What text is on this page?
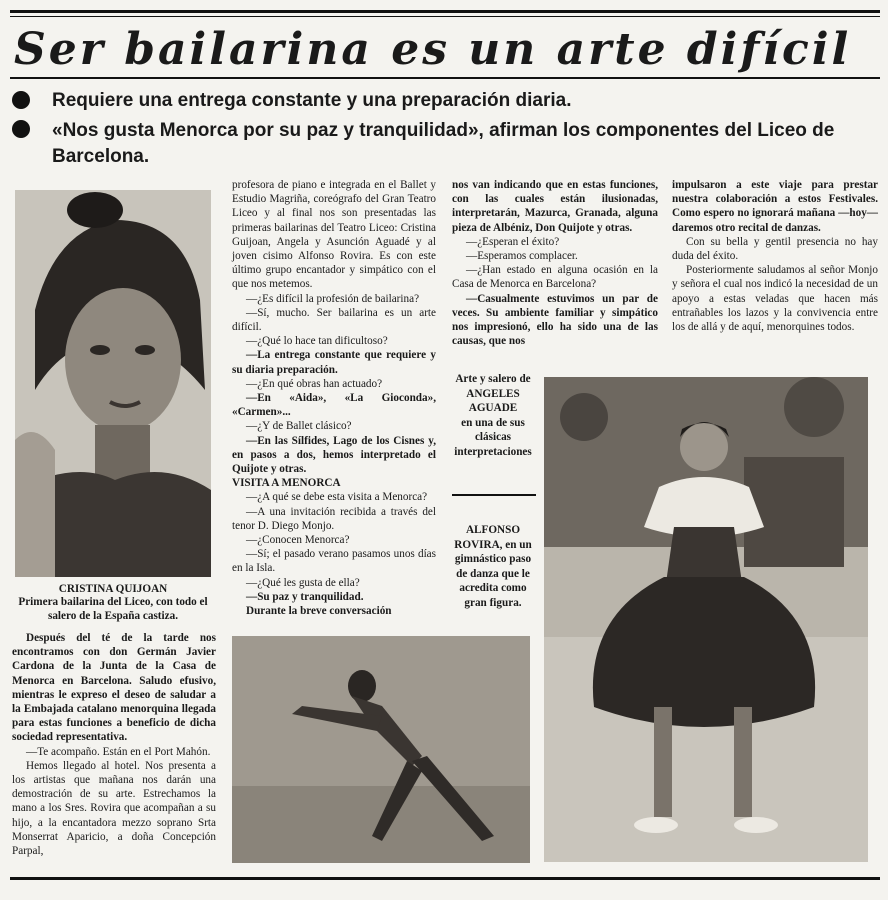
Ser bailarina es un arte difícil
Requiere una entrega constante y una preparación diaria.
«Nos gusta Menorca por su paz y tranquilidad», afirman los componentes del Liceo de Barcelona.
CRISTINA QUIJOAN
Primera bailarina del Liceo, con todo el salero de la España castiza.

Después del té de la tarde nos encontramos con don Germán Javier Cardona de la Junta de la Casa de Menorca en Barcelona. Saludo efusivo, mientras le expreso el deseo de saludar a la Embajada catalano menorquina llegada para estas funciones a beneficio de dicha sociedad representativa.

—Te acompaño. Están en el Port Mahón.

Hemos llegado al hotel. Nos presenta a los artistas que mañana nos darán una demostración de su arte. Estrechamos la mano a los Sres. Rovira que acompañan a su hijo, a la encantadora mezzo soprano Srta Monserrat Aparicio, a doña Concepción Parpal,

profesora de piano e integrada en el Ballet y Estudio Magriña, coreógrafo del Gran Teatro Liceo y al final nos son presentadas las primeras bailarinas del Teatro Liceo: Cristina Guijoan, Angela y Asunción Aguadé y al joven cisimo Alfonso Rovira. Es con este último grupo encantador y simpático con el que nos metemos.

—¿Es difícil la profesión de bailarina?

—Sí, mucho. Ser bailarina es un arte difícil.

—¿Qué lo hace tan dificultoso?

—La entrega constante que requiere y su diaria preparación.

—¿En qué obras han actuado?

—En «Aida», «La Gioconda», «Carmen»...

—¿Y de Ballet clásico?

—En las Sílfides, Lago de los Cisnes y, en pasos a dos, hemos interpretado el Quijote y otras.

VISITA A MENORCA

—¿A qué se debe esta visita a Menorca?

—A una invitación recibida a través del tenor D. Diego Monjo.

—¿Conocen Menorca?

—Sí; el pasado verano pasamos unos días en la Isla.

—¿Qué les gusta de ella?

—Su paz y tranquilidad.

Durante la breve conversación

nos van indicando que en estas funciones, con las cuales están ilusionadas, interpretarán, Mazurca, Granada, alguna pieza de Albéniz, Don Quijote y otras.

—¿Esperan el éxito?

—Esperamos complacer.

—¿Han estado en alguna ocasión en la Casa de Menorca en Barcelona?

—Casualmente estuvimos un par de veces. Su ambiente familiar y simpático nos impresionó, ello ha sido una de las causas, que nos

impulsaron a este viaje para prestar nuestra colaboración a estos Festivales. Como espero no ignorará mañana —hoy— daremos otro recital de danzas.

Con su bella y gentil presencia no hay duda del éxito.

Posteriormente saludamos al señor Monjo y señora el cual nos indicó la necesidad de un apoyo a estas veladas que hacen más entrañables los lazos y la convivencia entre los de allá y de aquí, menorquines todos.

Arte y salero de
ANGELES AGUADE
en una de sus clásicas interpretaciones
ALFONSO ROVIRA, en un gimnástico paso de danza que le acredita como gran figura.
